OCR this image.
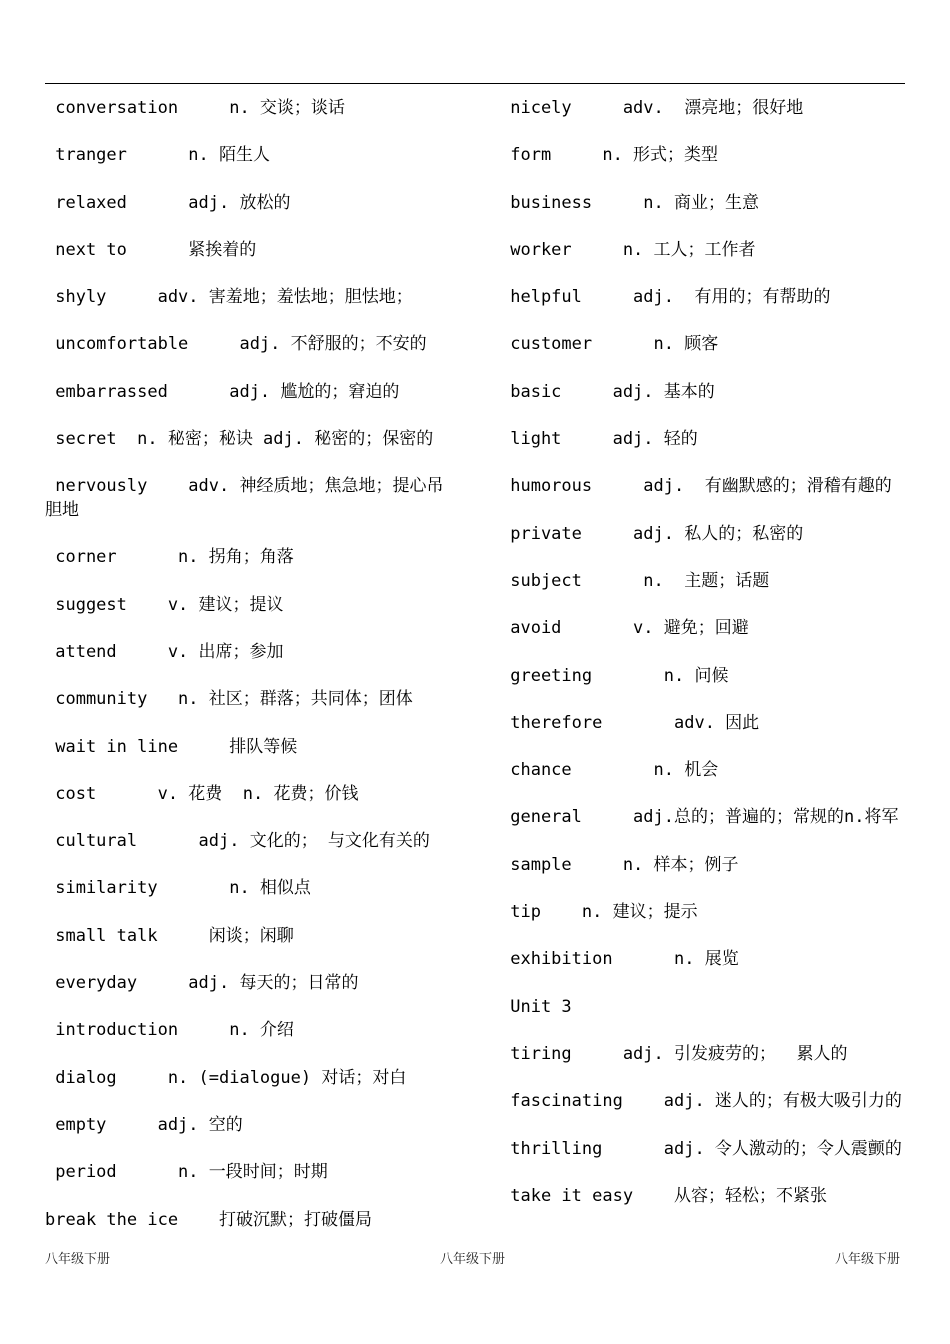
conversation     n. 交谈；谈话
tranger      n. 陌生人
relaxed      adj. 放松的
next to      紧挨着的
shyly     adv. 害羞地；羞怯地；胆怯地；
uncomfortable     adj. 不舒服的；不安的
embarrassed      adj. 尴尬的；窘迫的
secret  n. 秘密；秘诀 adj. 秘密的；保密的
nervously    adv. 神经质地；焦急地；提心吊胆地
corner      n. 拐角；角落
suggest    v. 建议；提议
attend     v. 出席；参加
community   n. 社区；群落；共同体；团体
wait in line     排队等候
cost      v. 花费  n. 花费；价钱
cultural      adj. 文化的； 与文化有关的
similarity       n. 相似点
small talk     闲谈；闲聊
everyday     adj. 每天的；日常的
introduction     n. 介绍
dialog     n. (=dialogue) 对话；对白
empty     adj. 空的
period      n. 一段时间；时期
break the ice    打破沉默；打破僵局
nicely     adv.  漂亮地；很好地
form     n. 形式；类型
business     n. 商业；生意
worker     n. 工人；工作者
helpful     adj.  有用的；有帮助的
customer      n. 顾客
basic     adj. 基本的
light     adj. 轻的
humorous     adj.  有幽默感的；滑稽有趣的
private     adj. 私人的；私密的
subject      n.  主题；话题
avoid       v. 避免；回避
greeting       n. 问候
therefore       adv. 因此
chance        n. 机会
general     adj.总的；普遍的；常规的n.将军
sample     n. 样本；例子
tip    n. 建议；提示
exhibition      n. 展览
Unit 3
tiring     adj. 引发疲劳的；  累人的
fascinating    adj. 迷人的；有极大吸引力的
thrilling      adj. 令人激动的；令人震颤的
take it easy    从容；轻松；不紧张
八年级下册	八年级下册	八年级下册
